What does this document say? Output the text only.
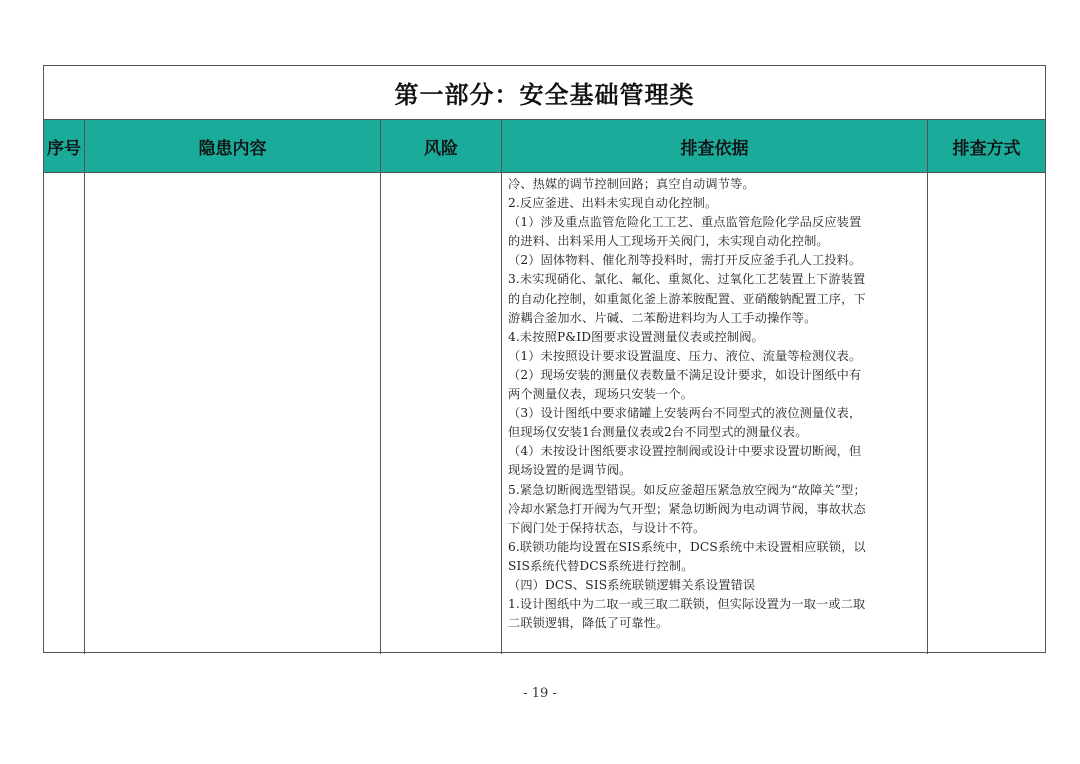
第一部分：安全基础管理类
序号	隐患内容	风险	排查依据	排查方式
冷、热媒的调节控制回路；真空自动调节等。
2.反应釜进、出料未实现自动化控制。
（1）涉及重点监管危险化工工艺、重点监管危险化学品反应装置
的进料、出料采用人工现场开关阀门，未实现自动化控制。
（2）固体物料、催化剂等投料时，需打开反应釜手孔人工投料。
3.未实现硝化、氯化、氟化、重氮化、过氧化工艺装置上下游装置
的自动化控制，如重氮化釜上游苯胺配置、亚硝酸钠配置工序，下
游耦合釜加水、片碱、二苯酚进料均为人工手动操作等。
4.未按照P&ID图要求设置测量仪表或控制阀。
（1）未按照设计要求设置温度、压力、液位、流量等检测仪表。
（2）现场安装的测量仪表数量不满足设计要求，如设计图纸中有
两个测量仪表，现场只安装一个。
（3）设计图纸中要求储罐上安装两台不同型式的液位测量仪表，
但现场仅安装1台测量仪表或2台不同型式的测量仪表。
（4）未按设计图纸要求设置控制阀或设计中要求设置切断阀，但
现场设置的是调节阀。
5.紧急切断阀选型错误。如反应釜超压紧急放空阀为“故障关”型；
冷却水紧急打开阀为气开型；紧急切断阀为电动调节阀，事故状态
下阀门处于保持状态，与设计不符。
6.联锁功能均设置在SIS系统中，DCS系统中未设置相应联锁，以
SIS系统代替DCS系统进行控制。
（四）DCS、SIS系统联锁逻辑关系设置错误
1.设计图纸中为二取一或三取二联锁，但实际设置为一取一或二取
二联锁逻辑，降低了可靠性。
- 19 -
